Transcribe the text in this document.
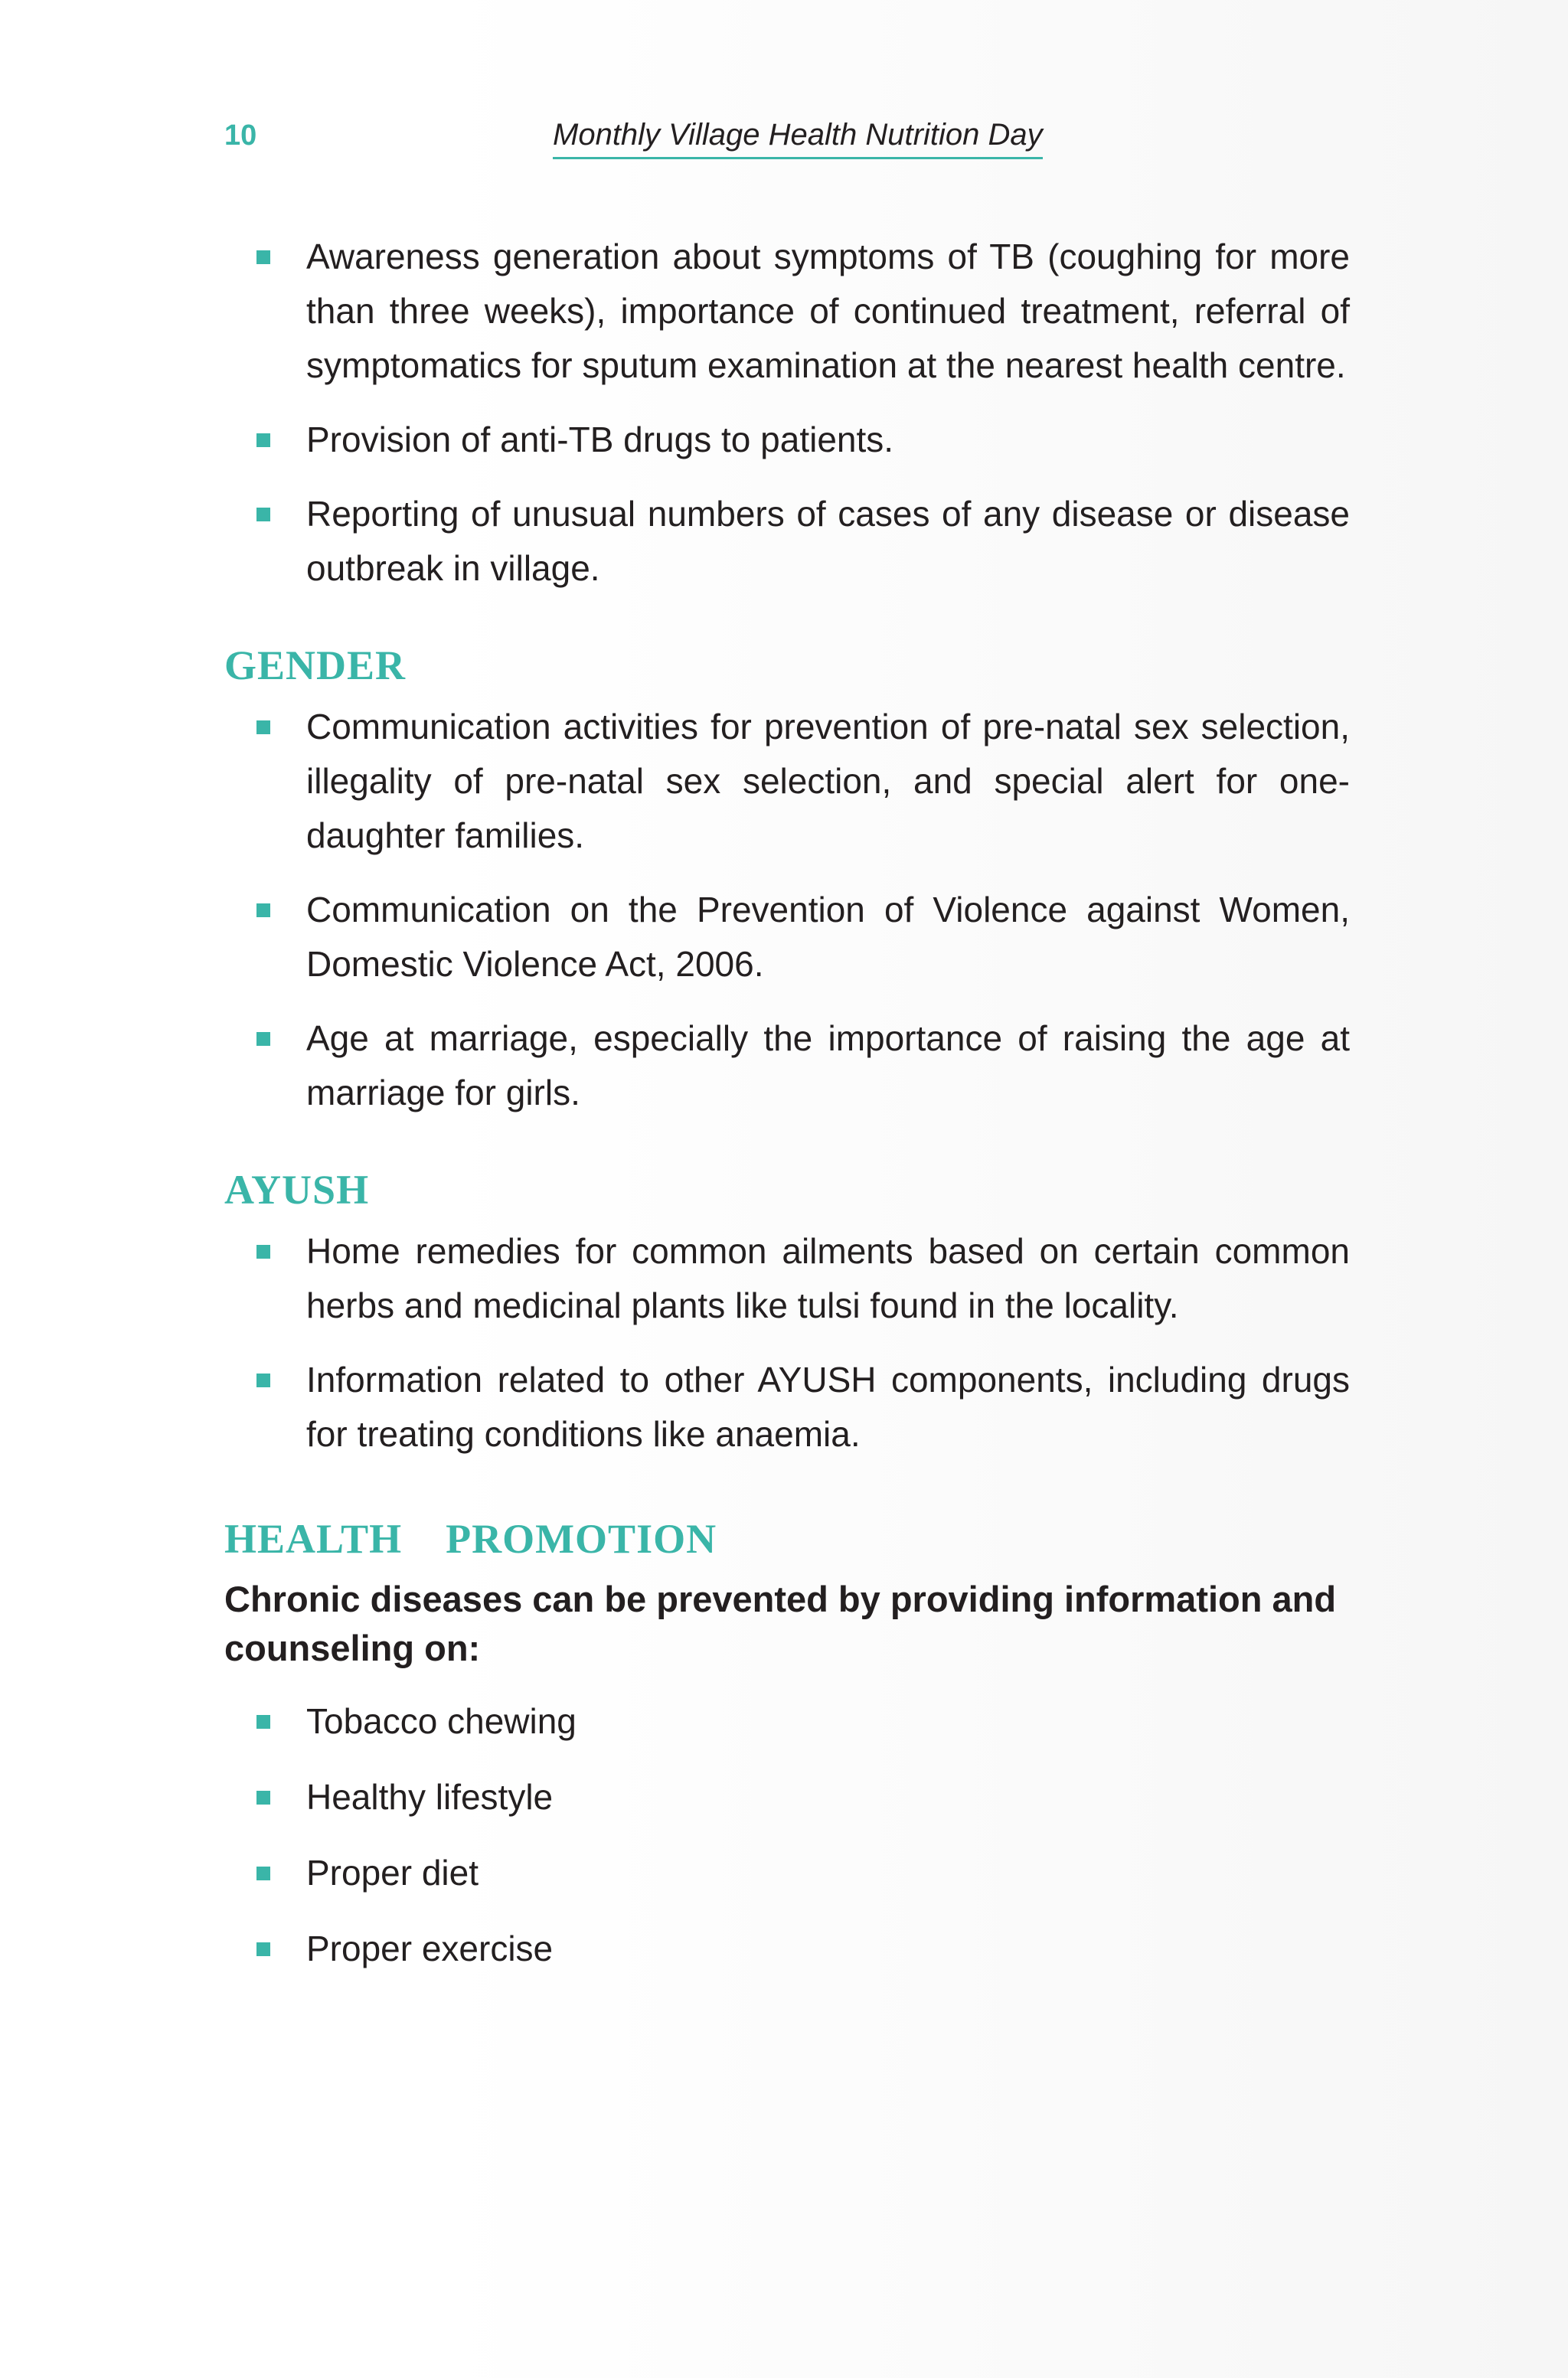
10	Monthly Village Health Nutrition Day
Awareness generation about symptoms of TB (coughing for more than three weeks), importance of continued treatment, referral of symptomatics for sputum examination at the nearest health centre.
Provision of anti-TB drugs to patients.
Reporting of unusual numbers of cases of any disease or disease outbreak in village.
GENDER
Communication activities for prevention of pre-natal sex selection, illegality of pre-natal sex selection, and special alert for one-daughter families.
Communication on the Prevention of Violence against Women, Domestic Violence Act, 2006.
Age at marriage, especially the importance of raising the age at marriage for girls.
AYUSH
Home remedies for common ailments based on certain common herbs and medicinal plants like tulsi found in the locality.
Information related to other AYUSH components, including drugs for treating conditions like anaemia.
HEALTH  PROMOTION

Chronic diseases can be prevented by providing information and counseling on:

Tobacco chewing
Healthy lifestyle
Proper diet
Proper exercise
